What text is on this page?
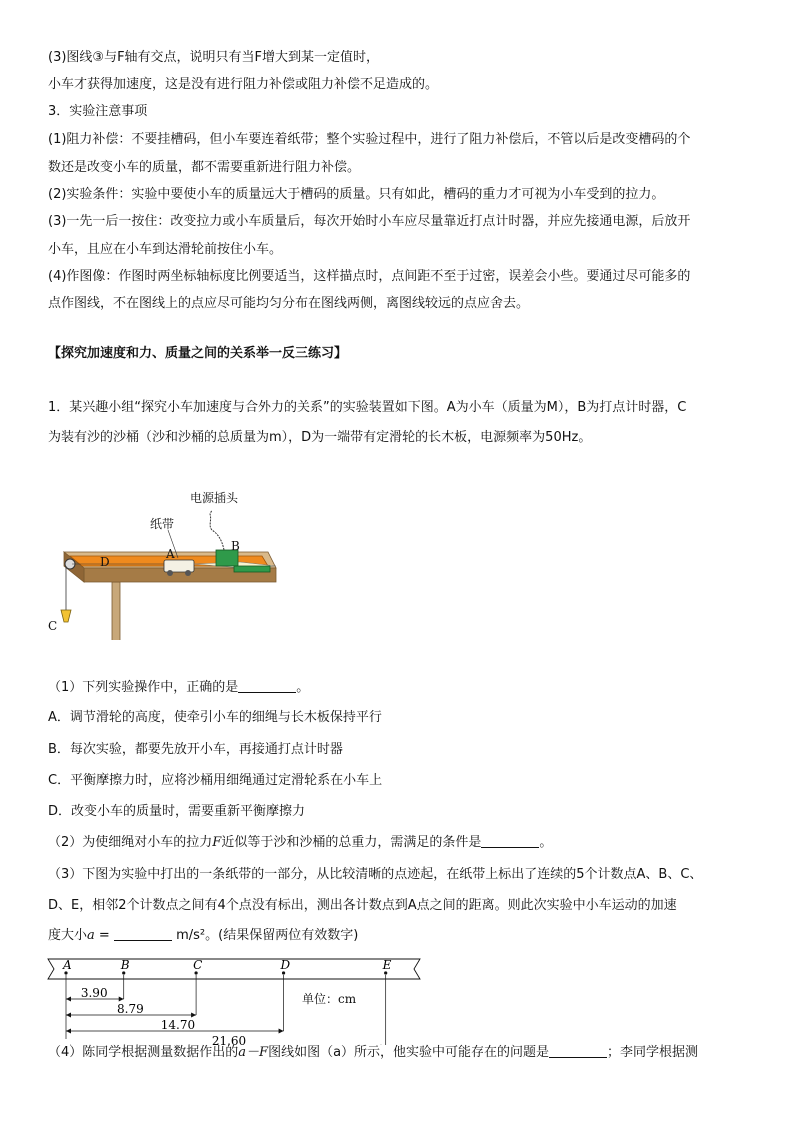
(3)图线③与F轴有交点，说明只有当F增大到某一定值时，
小车才获得加速度，这是没有进行阻力补偿或阻力补偿不足造成的。
3．实验注意事项
(1)阻力补偿：不要挂槽码，但小车要连着纸带；整个实验过程中，进行了阻力补偿后，不管以后是改变槽码的个
数还是改变小车的质量，都不需要重新进行阻力补偿。
(2)实验条件：实验中要使小车的质量远大于槽码的质量。只有如此，槽码的重力才可视为小车受到的拉力。
(3)一先一后一按住：改变拉力或小车质量后，每次开始时小车应尽量靠近打点计时器，并应先接通电源，后放开
小车，且应在小车到达滑轮前按住小车。
(4)作图像：作图时两坐标轴标度比例要适当，这样描点时，点间距不至于过密，误差会小些。要通过尽可能多的
点作图线，不在图线上的点应尽可能均匀分布在图线两侧，离图线较远的点应舍去。
【探究加速度和力、质量之间的关系举一反三练习】
1．某兴趣小组“探究小车加速度与合外力的关系”的实验装置如下图。A为小车（质量为M），B为打点计时器，C
为装有沙的沙桶（沙和沙桶的总质量为m），D为一端带有定滑轮的长木板，电源频率为50Hz。
电源插头
纸带
A
B
D
C
（1）下列实验操作中，正确的是	。
A．调节滑轮的高度，使牵引小车的细绳与长木板保持平行
B．每次实验，都要先放开小车，再接通打点计时器
C．平衡摩擦力时，应将沙桶用细绳通过定滑轮系在小车上
D．改变小车的质量时，需要重新平衡摩擦力
（2）为使细绳对小车的拉力F近似等于沙和沙桶的总重力，需满足的条件是	。
（3）下图为实验中打出的一条纸带的一部分，从比较清晰的点迹起，在纸带上标出了连续的5个计数点A、B、C、
D、E，相邻2个计数点之间有4个点没有标出，测出各计数点到A点之间的距离。则此次实验中小车运动的加速
度大小a =	m/s²。(结果保留两位有效数字)
A	B	C	D	E
3.90
8.79
14.70
21.60
单位：cm
（4）陈同学根据测量数据作出的a－F图线如图（a）所示，他实验中可能存在的问题是	；李同学根据测
